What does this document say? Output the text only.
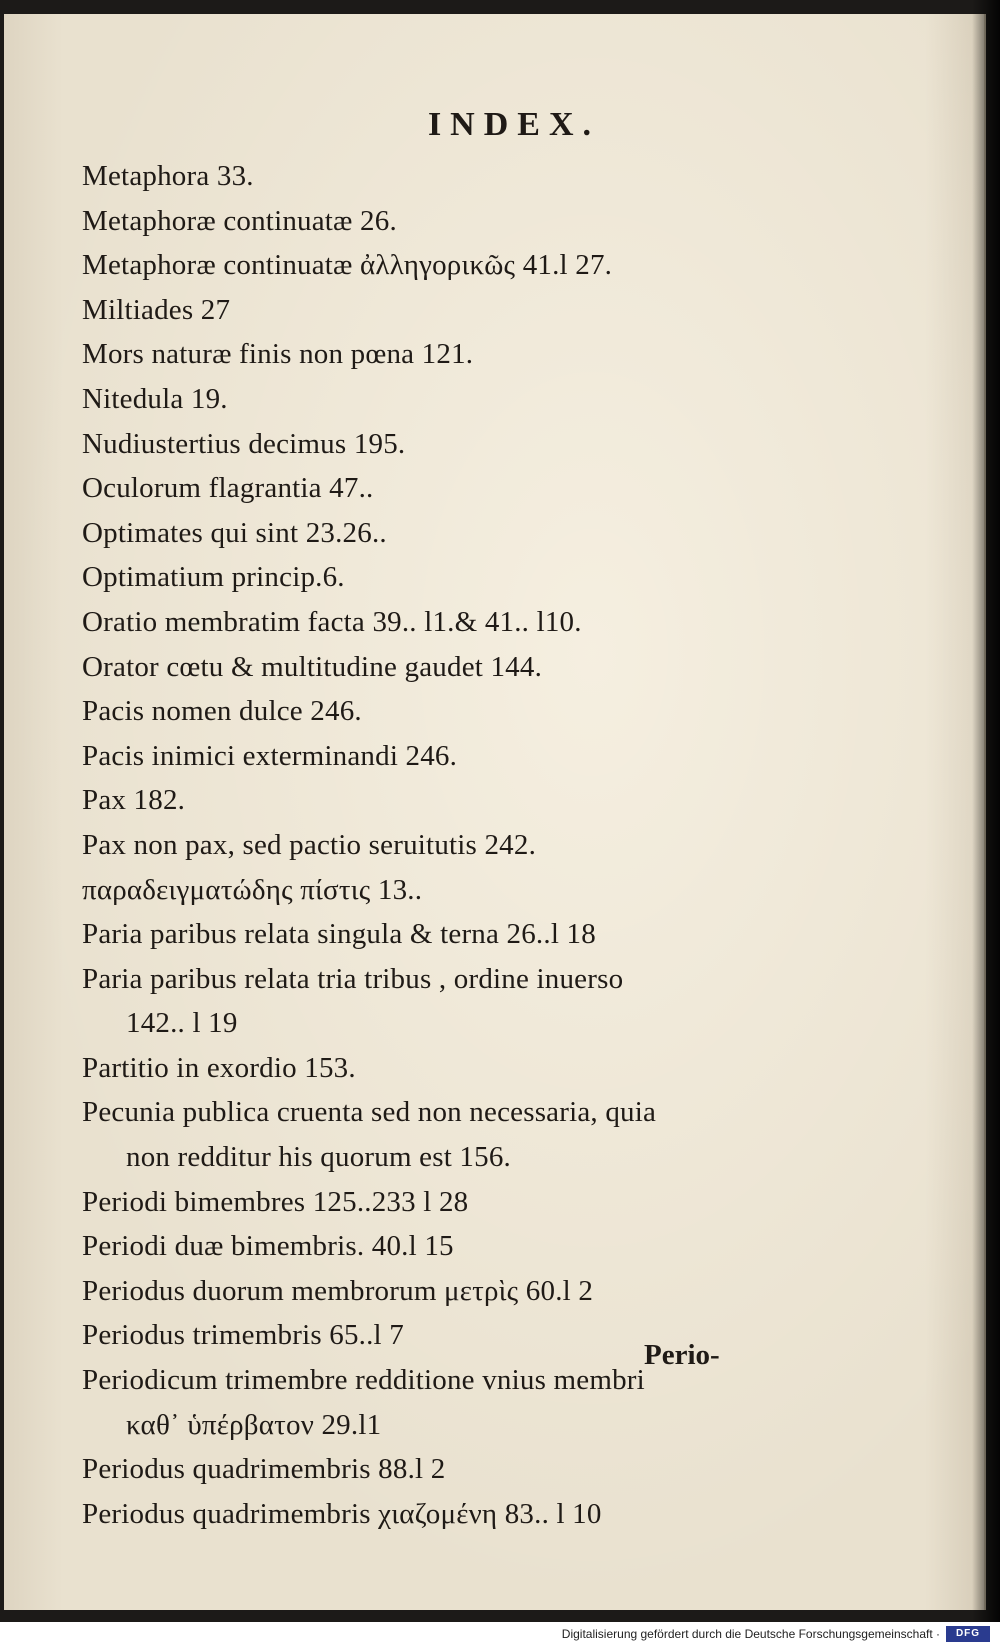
INDEX.
Metaphora 33.
Metaphoræ continuatæ 26.
Metaphoræ continuatæ ἀλληγορικῶς 41.l 27.
Miltiades 27
Mors naturæ finis non pœna 121.
Nitedula 19.
Nudiustertius decimus 195.
Oculorum flagrantia 47..
Optimates qui sint 23.26..
Optimatium princip.6.
Oratio membratim facta 39.. l1.& 41.. l10.
Orator cœtu & multitudine gaudet 144.
Pacis nomen dulce 246.
Pacis inimici exterminandi 246.
Pax 182.
Pax non pax, sed pactio seruitutis 242.
παραδειγματώδης πίστις 13..
Paria paribus relata singula & terna 26..l 18
Paria paribus relata tria tribus , ordine inuerso
142.. l 19
Partitio in exordio 153.
Pecunia publica cruenta sed non necessaria, quia
non redditur his quorum est 156.
Periodi bimembres 125..233 l 28
Periodi duæ bimembris. 40.l 15
Periodus duorum membrorum μετρὶς 60.l 2
Periodus trimembris 65..l 7
Periodicum trimembre redditione vnius membri
καθ᾽ ὑπέρβατον 29.l1
Periodus quadrimembris 88.l 2
Periodus quadrimembris χιαζομένη 83.. l 10
Perio-
Digitalisierung gefördert durch die Deutsche Forschungsgemeinschaft ·	DFG
